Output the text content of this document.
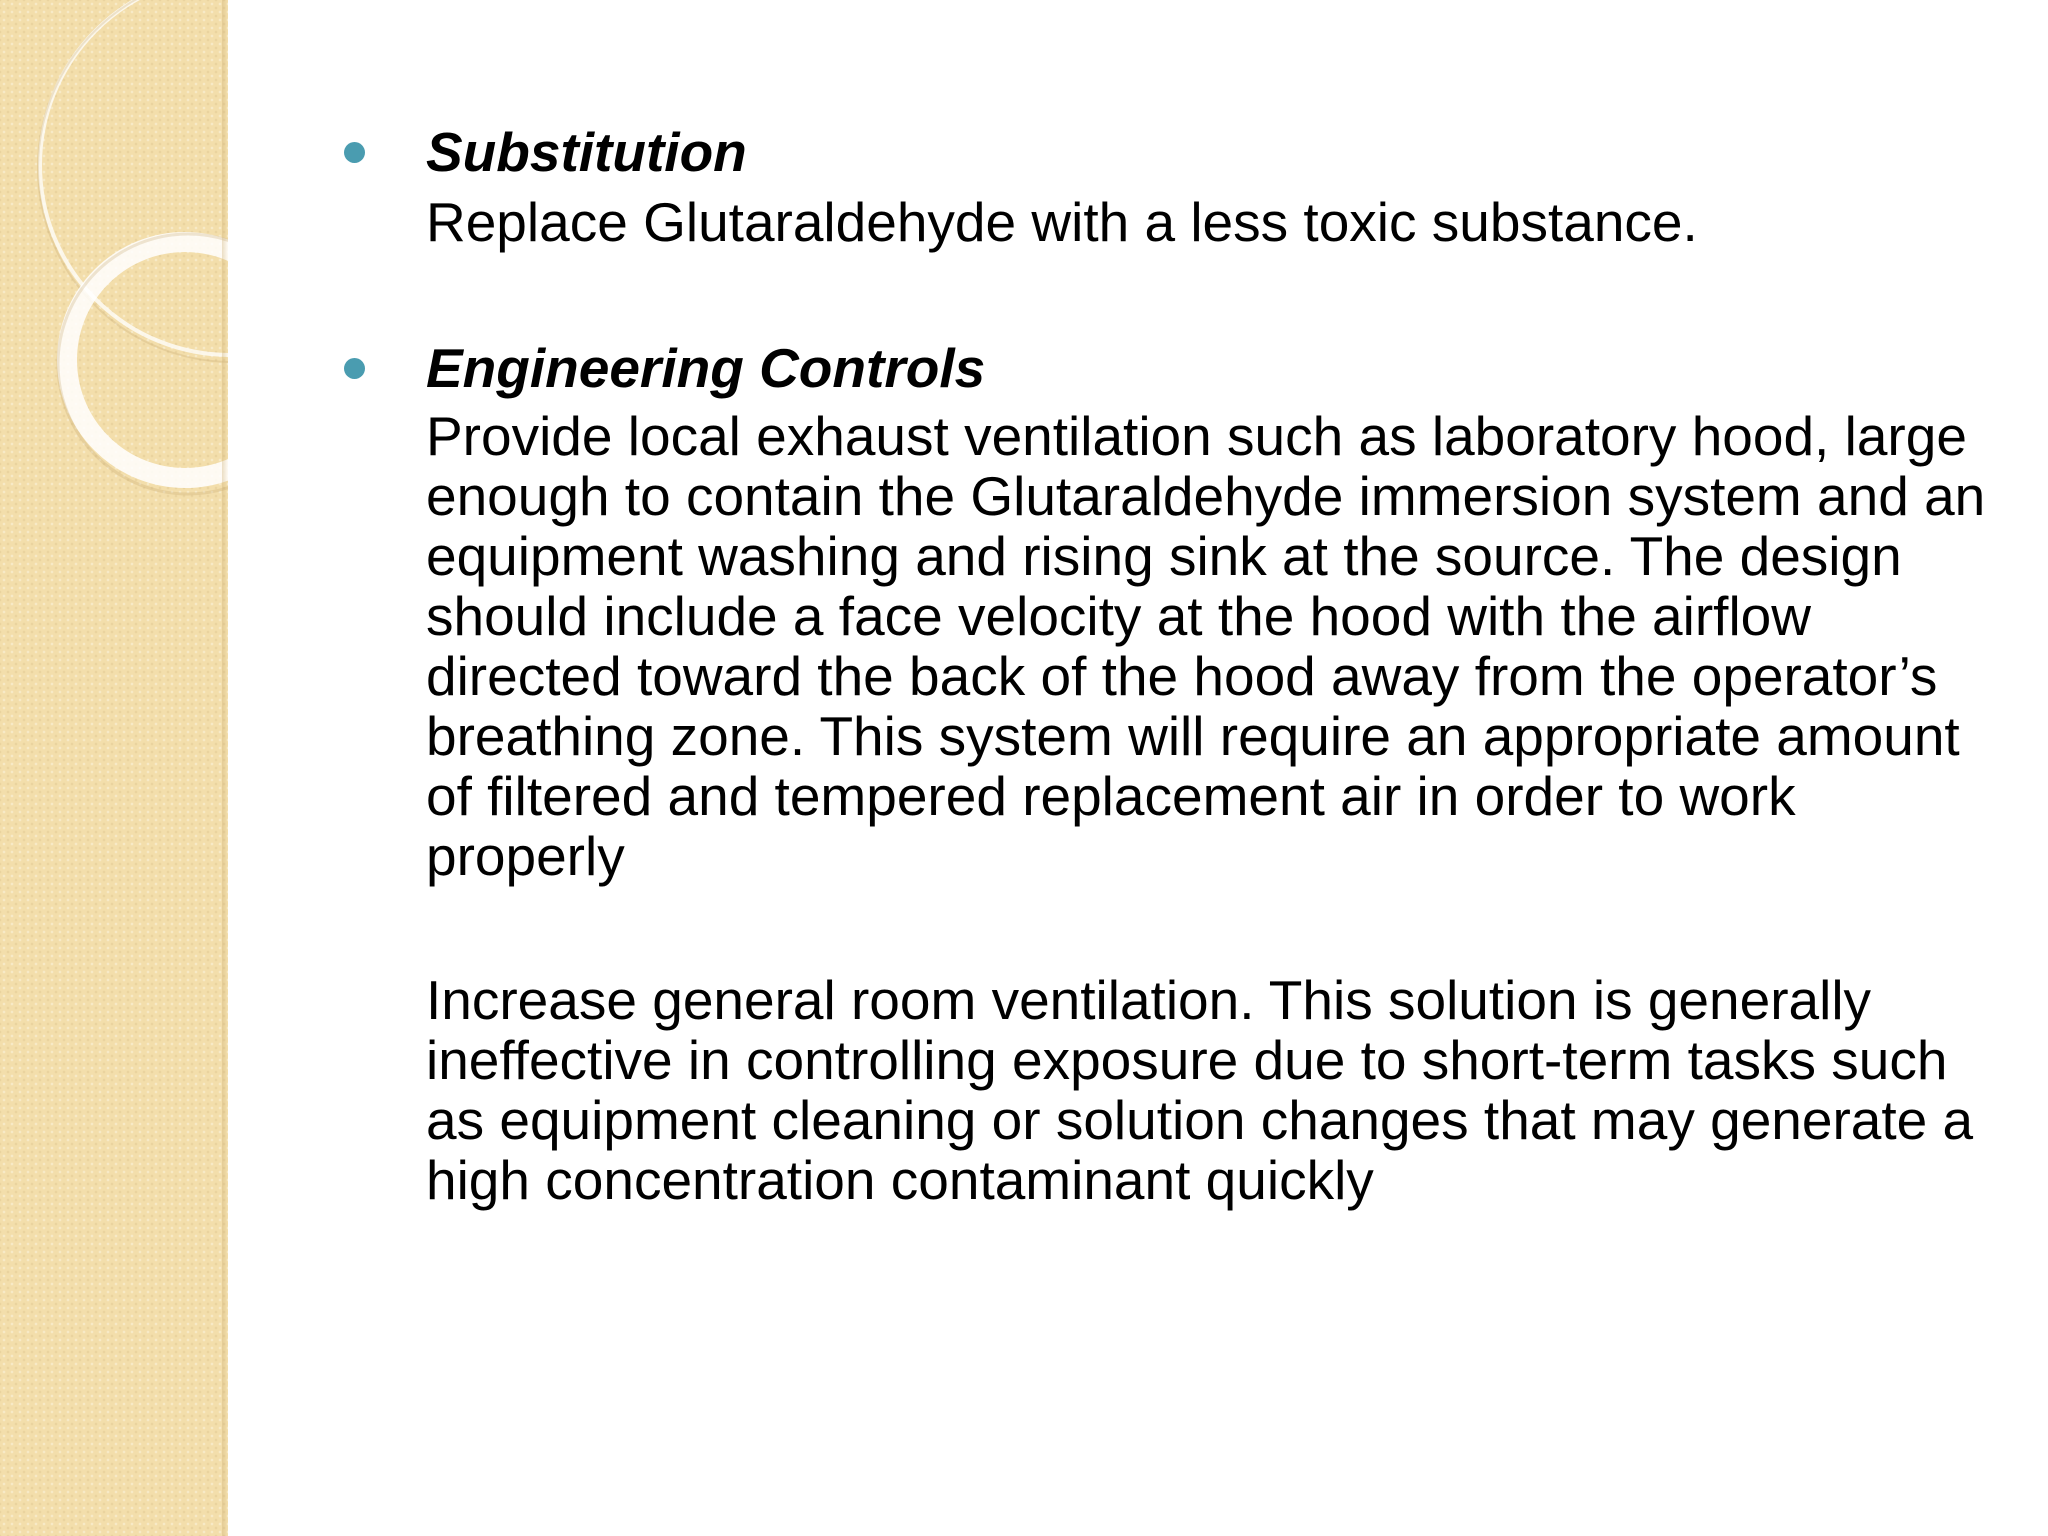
Substitution
Replace Glutaraldehyde with a less toxic substance.
Engineering Controls
Provide local exhaust ventilation such as laboratory hood, large enough to contain the Glutaraldehyde immersion system and an equipment washing and rising sink at the source. The design should include a face velocity at the hood with the airflow directed toward the back of the hood away from the operator’s breathing zone. This system will require an appropriate amount of filtered and tempered replacement air in order to work properly
Increase general room ventilation. This solution is generally ineffective in controlling exposure due to short-term tasks such as equipment cleaning or solution changes that may generate a high concentration contaminant quickly
